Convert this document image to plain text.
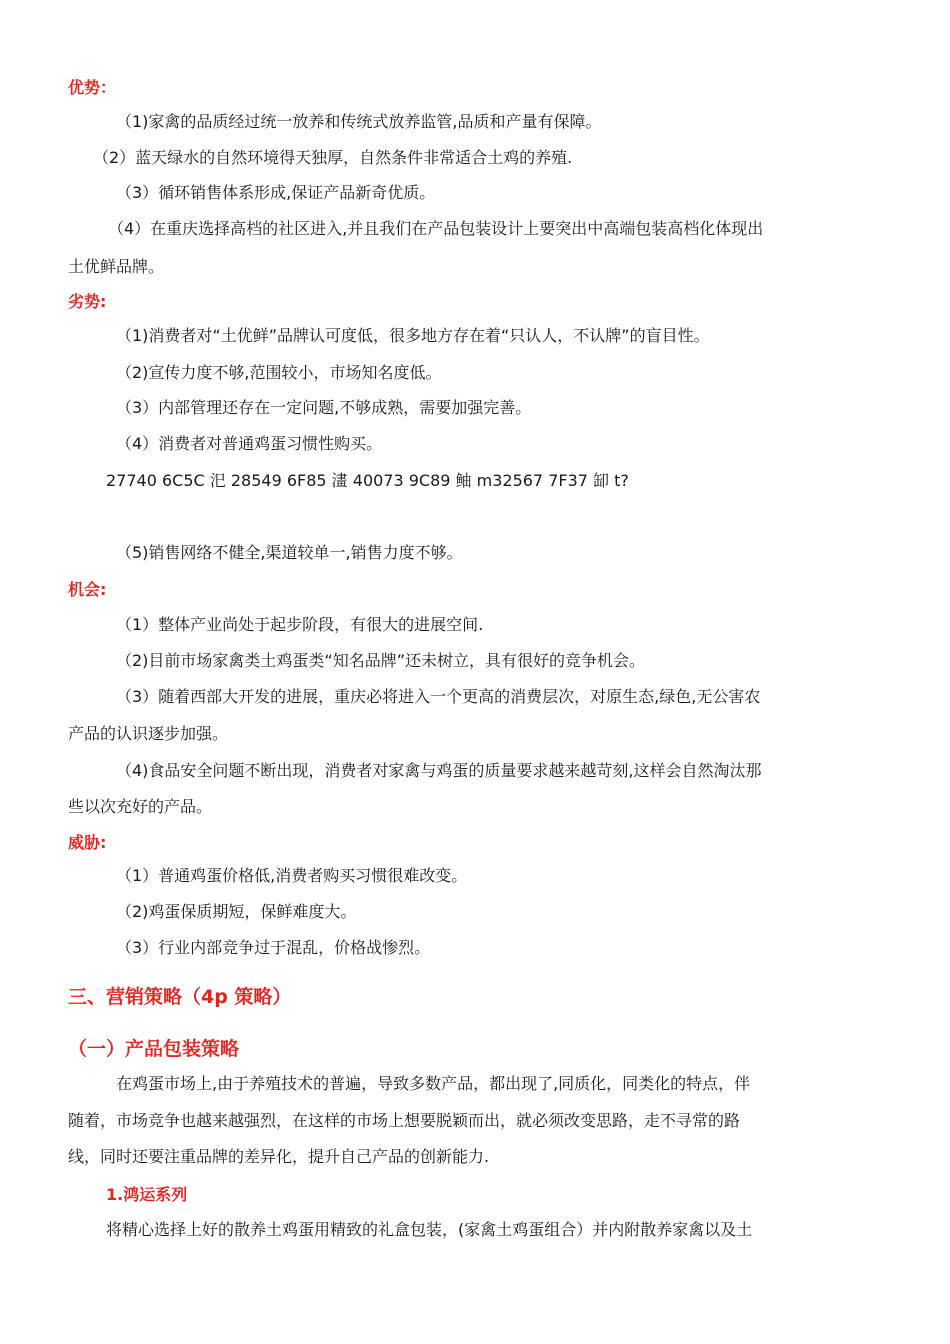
优势：
（1)家禽的品质经过统一放养和传统式放养监管,品质和产量有保障。
（2）蓝天绿水的自然环境得天独厚，自然条件非常适合土鸡的养殖.
（3）循环销售体系形成,保证产品新奇优质。
（4）在重庆选择高档的社区进入,并且我们在产品包装设计上要突出中高端包装高档化体现出
土优鲜品牌。
劣势:
（1)消费者对“土优鲜”品牌认可度低，很多地方存在着“只认人，不认牌”的盲目性。
（2)宣传力度不够,范围较小，市场知名度低。
（3）内部管理还存在一定问题,不够成熟，需要加强完善。
（4）消费者对普通鸡蛋习惯性购买。
27740 6C5C 汜 28549 6F85 澅 40073 9C89 鲉 m32567 7F37 缷 t?
（5)销售网络不健全,渠道较单一,销售力度不够。
机会:
（1）整体产业尚处于起步阶段，有很大的进展空间.
（2)目前市场家禽类土鸡蛋类“知名品牌”还未树立，具有很好的竞争机会。
（3）随着西部大开发的进展，重庆必将进入一个更高的消费层次，对原生态,绿色,无公害农
产品的认识逐步加强。
（4)食品安全问题不断出现，消费者对家禽与鸡蛋的质量要求越来越苛刻,这样会自然淘汰那
些以次充好的产品。
威胁:
（1）普通鸡蛋价格低,消费者购买习惯很难改变。
（2)鸡蛋保质期短，保鲜难度大。
（3）行业内部竞争过于混乱，价格战惨烈。
三、营销策略（4p 策略）
（一）产品包装策略
在鸡蛋市场上,由于养殖技术的普遍，导致多数产品，都出现了,同质化，同类化的特点，伴
随着，市场竞争也越来越强烈，在这样的市场上想要脱颖而出，就必须改变思路，走不寻常的路
线，同时还要注重品牌的差异化，提升自己产品的创新能力.
1.鸿运系列
将精心选择上好的散养土鸡蛋用精致的礼盒包装，(家禽土鸡蛋组合）并内附散养家禽以及土
